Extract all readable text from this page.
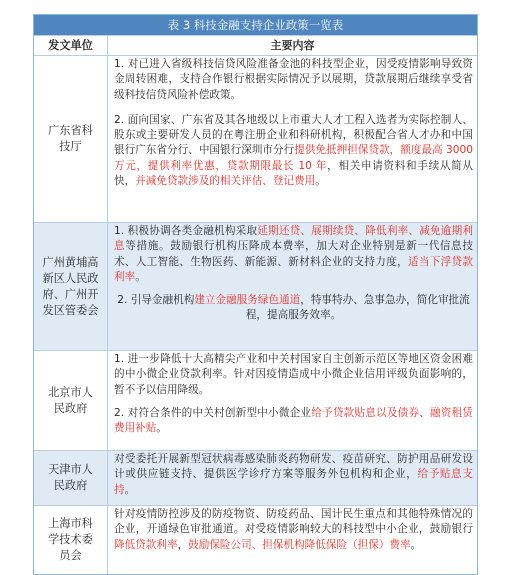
表 3 科技金融支持企业政策一览表
发文单位	主要内容
广东省科技厅

1. 对已进入省级科技信贷风险准备金池的科技型企业，因受疫情影响导致资金周转困难，支持合作银行根据实际情况予以展期，贷款展期后继续享受省级科技信贷风险补偿政策。

2. 面向国家、广东省及其各地级以上市重大人才工程入选者为实际控制人、股东或主要研发人员的在粤注册企业和科研机构，积极配合省人才办和中国银行广东省分行、中国银行深圳市分行提供免抵押担保贷款，额度最高 3000 万元，提供利率优惠，贷款期限最长 10 年，相关申请资料和手续从简从快，并减免贷款涉及的相关评估、登记费用。

广州黄埔高新区人民政府、广州开发区管委会

1. 积极协调各类金融机构采取延期还贷、展期续贷、降低利率、减免逾期利息等措施。鼓励银行机构压降成本费率，加大对企业特别是新一代信息技术、人工智能、生物医药、新能源、新材料企业的支持力度，适当下浮贷款利率。

2. 引导金融机构建立金融服务绿色通道，特事特办、急事急办，简化审批流程，提高服务效率。

北京市人民政府

1. 进一步降低十大高精尖产业和中关村国家自主创新示范区等地区资金困难的中小微企业贷款利率。针对因疫情造成中小微企业信用评级负面影响的，暂不予以信用降级。

2. 对符合条件的中关村创新型中小微企业给予贷款贴息以及债券、融资租赁费用补贴。

天津市人民政府

对受委托开展新型冠状病毒感染肺炎药物研发、疫苗研究、防护用品研发设计或供应链支持、提供医学诊疗方案等服务外包机构和企业，给予贴息支持。

上海市科学技术委员会

针对疫情防控涉及的防疫物资、防疫药品、国计民生重点和其他特殊情况的企业，开通绿色审批通道。对受疫情影响较大的科技型中小企业，鼓励银行降低贷款利率，鼓励保险公司、担保机构降低保险（担保）费率。
